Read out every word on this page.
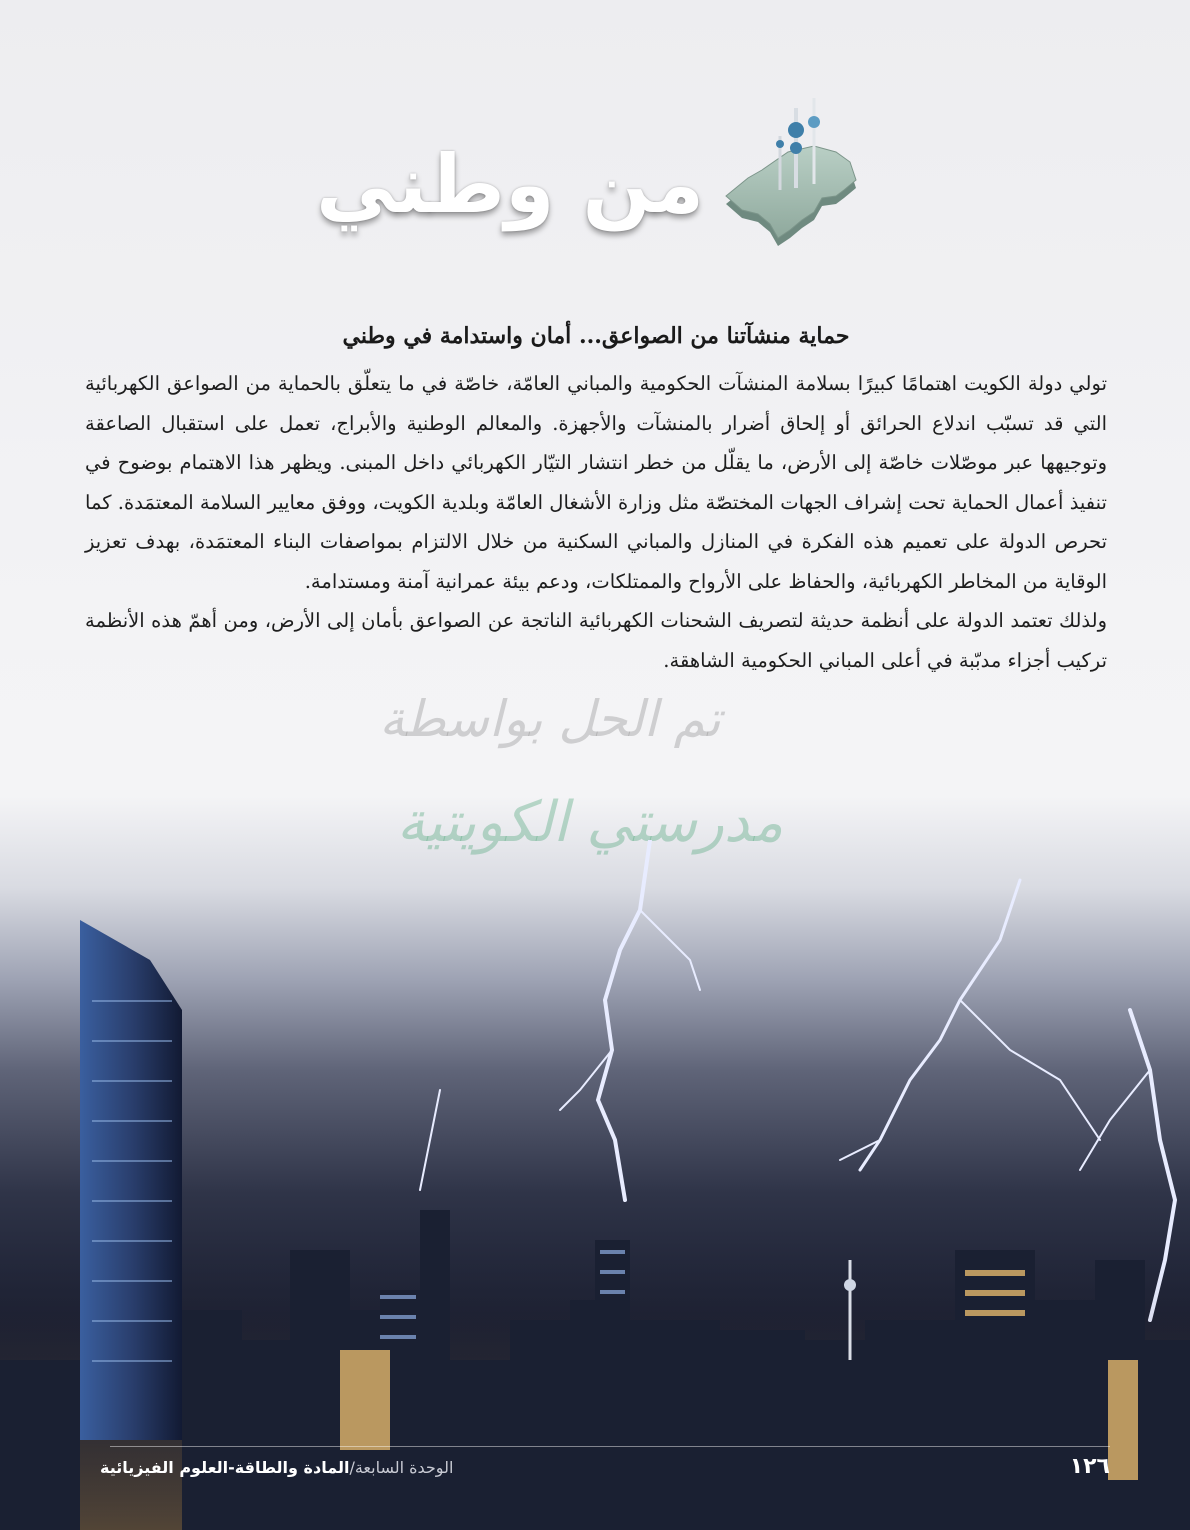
من وطني
حماية منشآتنا من الصواعق... أمان واستدامة في وطني

تولي دولة الكويت اهتمامًا كبيرًا بسلامة المنشآت الحكومية والمباني العامّة، خاصّة في ما يتعلّق بالحماية من الصواعق الكهربائية التي قد تسبّب اندلاع الحرائق أو إلحاق أضرار بالمنشآت والأجهزة. والمعالم الوطنية والأبراج، تعمل على استقبال الصاعقة وتوجيهها عبر موصّلات خاصّة إلى الأرض، ما يقلّل من خطر انتشار التيّار الكهربائي داخل المبنى. ويظهر هذا الاهتمام بوضوح في تنفيذ أعمال الحماية تحت إشراف الجهات المختصّة مثل وزارة الأشغال العامّة وبلدية الكويت، ووفق معايير السلامة المعتمَدة. كما تحرص الدولة على تعميم هذه الفكرة في المنازل والمباني السكنية من خلال الالتزام بمواصفات البناء المعتمَدة، بهدف تعزيز الوقاية من المخاطر الكهربائية، والحفاظ على الأرواح والممتلكات، ودعم بيئة عمرانية آمنة ومستدامة.

ولذلك تعتمد الدولة على أنظمة حديثة لتصريف الشحنات الكهربائية الناتجة عن الصواعق بأمان إلى الأرض، ومن أهمّ هذه الأنظمة تركيب أجزاء مدبّبة في أعلى المباني الحكومية الشاهقة.

تم الحل بواسطة
مدرستي الكويتية
الوحدة السابعة/المادة والطاقة-العلوم الفيزيائية	١٢٦
